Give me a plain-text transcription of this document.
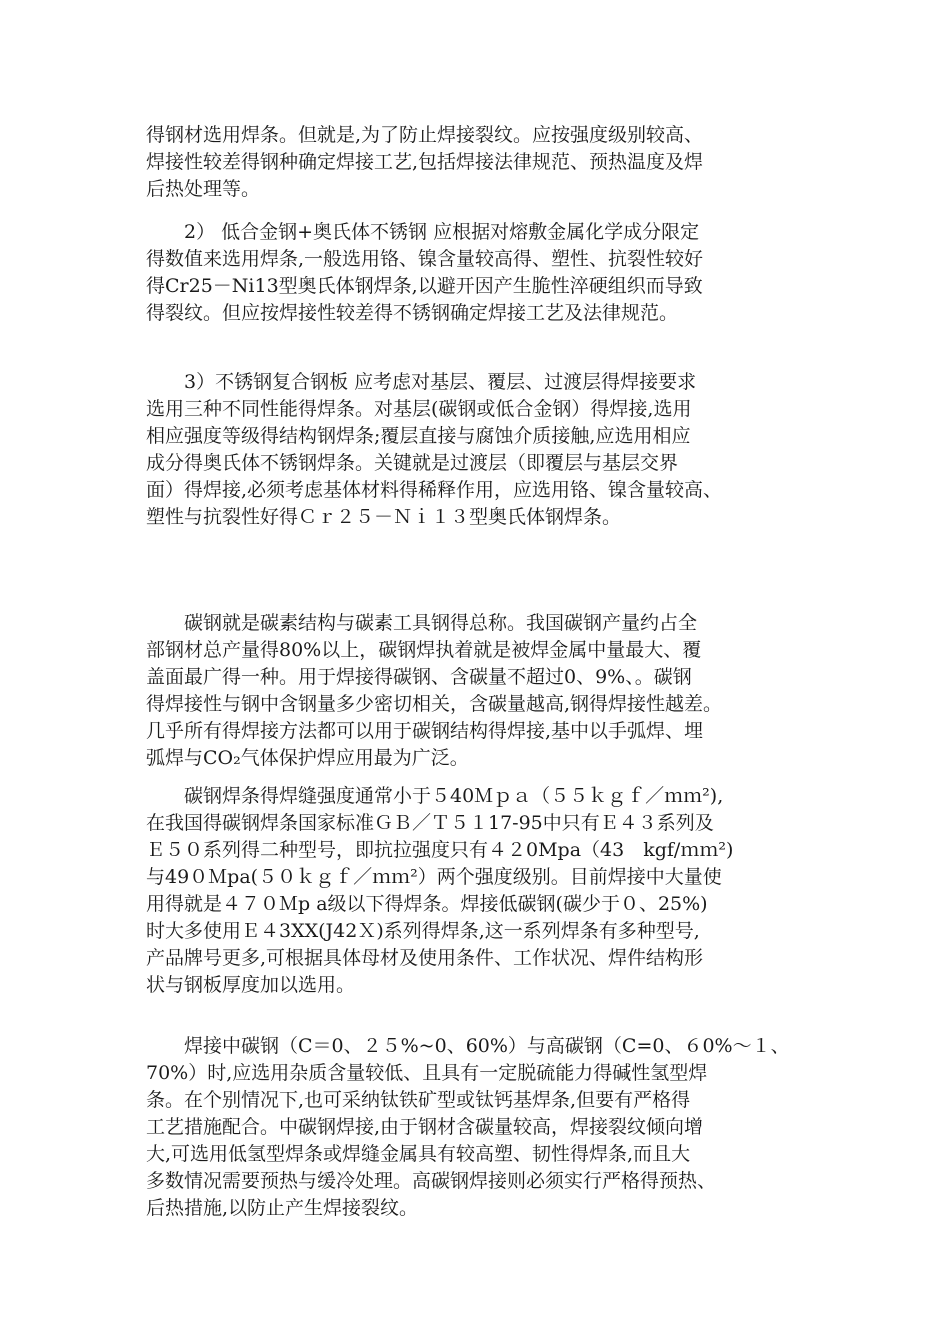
得钢材选用焊条。但就是,为了防止焊接裂纹。应按强度级别较高、
焊接性较差得钢种确定焊接工艺,包括焊接法律规范、预热温度及焊
后热处理等。

　　2） 低合金钢+奥氏体不锈钢 应根据对熔敷金属化学成分限定
得数值来选用焊条,一般选用铬、镍含量较高得、塑性、抗裂性较好
得Cr25－Ni13型奥氏体钢焊条,以避开因产生脆性淬硬组织而导致
得裂纹。但应按焊接性较差得不锈钢确定焊接工艺及法律规范。

　　3）不锈钢复合钢板 应考虑对基层、覆层、过渡层得焊接要求
选用三种不同性能得焊条。对基层(碳钢或低合金钢）得焊接,选用
相应强度等级得结构钢焊条;覆层直接与腐蚀介质接触,应选用相应
成分得奥氏体不锈钢焊条。关键就是过渡层（即覆层与基层交界
面）得焊接,必须考虑基体材料得稀释作用，应选用铬、镍含量较高、
塑性与抗裂性好得Ｃｒ２５－Ｎｉ１３型奥氏体钢焊条。

　　碳钢就是碳素结构与碳素工具钢得总称。我国碳钢产量约占全
部钢材总产量得80%以上，碳钢焊执着就是被焊金属中量最大、覆
盖面最广得一种。用于焊接得碳钢、含碳量不超过0、9%、。碳钢
得焊接性与钢中含钢量多少密切相关，含碳量越高,钢得焊接性越差。
几乎所有得焊接方法都可以用于碳钢结构得焊接,基中以手弧焊、埋
弧焊与CO₂气体保护焊应用最为广泛。

　　碳钢焊条得焊缝强度通常小于５40Ｍｐａ（５５ｋｇｆ／ｍｍ²),
在我国得碳钢焊条国家标准ＧＢ／Ｔ５１17-95中只有Ｅ４３系列及
Ｅ５０系列得二种型号，即抗拉强度只有４２0Mpa（43　kgf/ｍｍ²)
与49０Ｍpa(５０ｋｇｆ／ｍｍ²）两个强度级别。目前焊接中大量使
用得就是４７０Ｍp a级以下得焊条。焊接低碳钢(碳少于０、25%)
时大多使用Ｅ４3XX(J42Ｘ)系列得焊条,这一系列焊条有多种型号,
产品牌号更多,可根据具体母材及使用条件、工作状况、焊件结构形
状与钢板厚度加以选用。

　　焊接中碳钢（C＝0、２５%~0、60%）与高碳钢（C=0、６0%～１、
70%）时,应选用杂质含量较低、且具有一定脱硫能力得碱性氢型焊
条。在个别情况下,也可采纳钛铁矿型或钛钙基焊条,但要有严格得
工艺措施配合。中碳钢焊接,由于钢材含碳量较高，焊接裂纹倾向增
大,可选用低氢型焊条或焊缝金属具有较高塑、韧性得焊条,而且大
多数情况需要预热与缓冷处理。高碳钢焊接则必须实行严格得预热、
后热措施,以防止产生焊接裂纹。
